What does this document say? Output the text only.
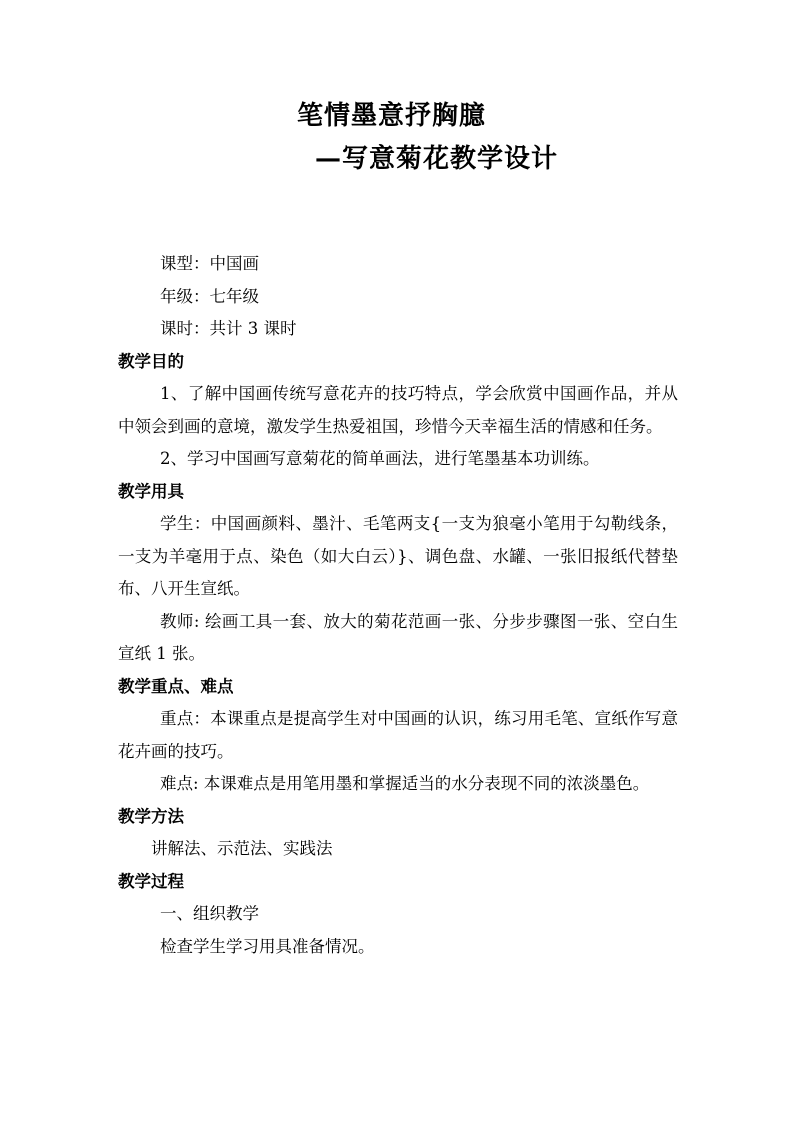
笔情墨意抒胸臆
—写意菊花教学设计

课型：中国画

年级：七年级

课时：共计 3 课时

教学目的

1、了解中国画传统写意花卉的技巧特点，学会欣赏中国画作品，并从中领会到画的意境，激发学生热爱祖国，珍惜今天幸福生活的情感和任务。

2、学习中国画写意菊花的简单画法，进行笔墨基本功训练。

教学用具

学生：中国画颜料、墨汁、毛笔两支{一支为狼毫小笔用于勾勒线条，一支为羊毫用于点、染色（如大白云）}、调色盘、水罐、一张旧报纸代替垫布、八开生宣纸。

教师: 绘画工具一套、放大的菊花范画一张、分步步骤图一张、空白生宣纸 1 张。

教学重点、难点

重点：本课重点是提高学生对中国画的认识，练习用毛笔、宣纸作写意花卉画的技巧。

难点: 本课难点是用笔用墨和掌握适当的水分表现不同的浓淡墨色。

教学方法

讲解法、示范法、实践法

教学过程

一、组织教学

检查学生学习用具准备情况。
